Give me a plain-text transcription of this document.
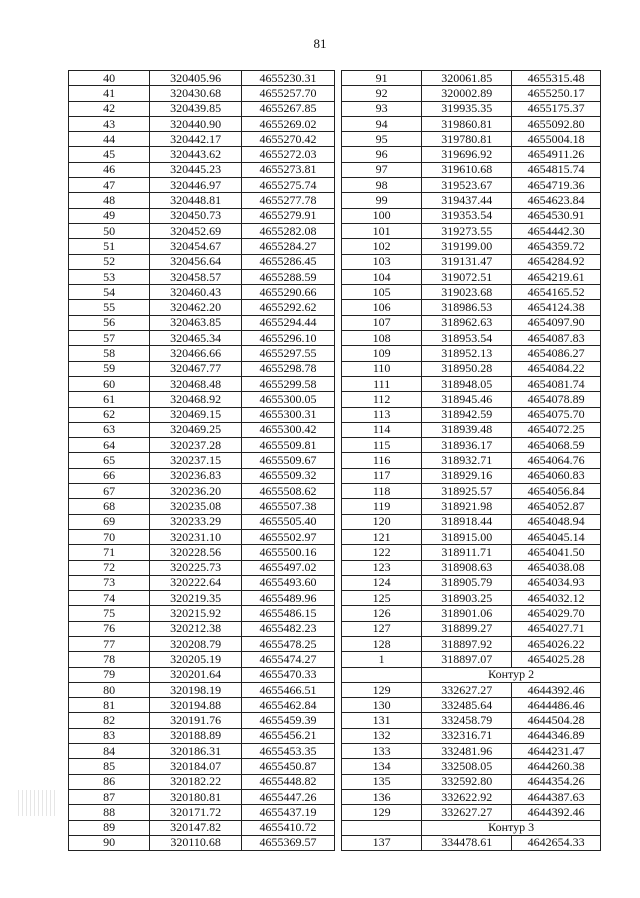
81
40	320405.96	4655230.31
41	320430.68	4655257.70
42	320439.85	4655267.85
43	320440.90	4655269.02
44	320442.17	4655270.42
45	320443.62	4655272.03
46	320445.23	4655273.81
47	320446.97	4655275.74
48	320448.81	4655277.78
49	320450.73	4655279.91
50	320452.69	4655282.08
51	320454.67	4655284.27
52	320456.64	4655286.45
53	320458.57	4655288.59
54	320460.43	4655290.66
55	320462.20	4655292.62
56	320463.85	4655294.44
57	320465.34	4655296.10
58	320466.66	4655297.55
59	320467.77	4655298.78
60	320468.48	4655299.58
61	320468.92	4655300.05
62	320469.15	4655300.31
63	320469.25	4655300.42
64	320237.28	4655509.81
65	320237.15	4655509.67
66	320236.83	4655509.32
67	320236.20	4655508.62
68	320235.08	4655507.38
69	320233.29	4655505.40
70	320231.10	4655502.97
71	320228.56	4655500.16
72	320225.73	4655497.02
73	320222.64	4655493.60
74	320219.35	4655489.96
75	320215.92	4655486.15
76	320212.38	4655482.23
77	320208.79	4655478.25
78	320205.19	4655474.27
79	320201.64	4655470.33
80	320198.19	4655466.51
81	320194.88	4655462.84
82	320191.76	4655459.39
83	320188.89	4655456.21
84	320186.31	4655453.35
85	320184.07	4655450.87
86	320182.22	4655448.82
87	320180.81	4655447.26
88	320171.72	4655437.19
89	320147.82	4655410.72
90	320110.68	4655369.57
91	320061.85	4655315.48
92	320002.89	4655250.17
93	319935.35	4655175.37
94	319860.81	4655092.80
95	319780.81	4655004.18
96	319696.92	4654911.26
97	319610.68	4654815.74
98	319523.67	4654719.36
99	319437.44	4654623.84
100	319353.54	4654530.91
101	319273.55	4654442.30
102	319199.00	4654359.72
103	319131.47	4654284.92
104	319072.51	4654219.61
105	319023.68	4654165.52
106	318986.53	4654124.38
107	318962.63	4654097.90
108	318953.54	4654087.83
109	318952.13	4654086.27
110	318950.28	4654084.22
111	318948.05	4654081.74
112	318945.46	4654078.89
113	318942.59	4654075.70
114	318939.48	4654072.25
115	318936.17	4654068.59
116	318932.71	4654064.76
117	318929.16	4654060.83
118	318925.57	4654056.84
119	318921.98	4654052.87
120	318918.44	4654048.94
121	318915.00	4654045.14
122	318911.71	4654041.50
123	318908.63	4654038.08
124	318905.79	4654034.93
125	318903.25	4654032.12
126	318901.06	4654029.70
127	318899.27	4654027.71
128	318897.92	4654026.22
1	318897.07	4654025.28
	Контур 2	
129	332627.27	4644392.46
130	332485.64	4644486.46
131	332458.79	4644504.28
132	332316.71	4644346.89
133	332481.96	4644231.47
134	332508.05	4644260.38
135	332592.80	4644354.26
136	332622.92	4644387.63
129	332627.27	4644392.46
	Контур 3	
137	334478.61	4642654.33
